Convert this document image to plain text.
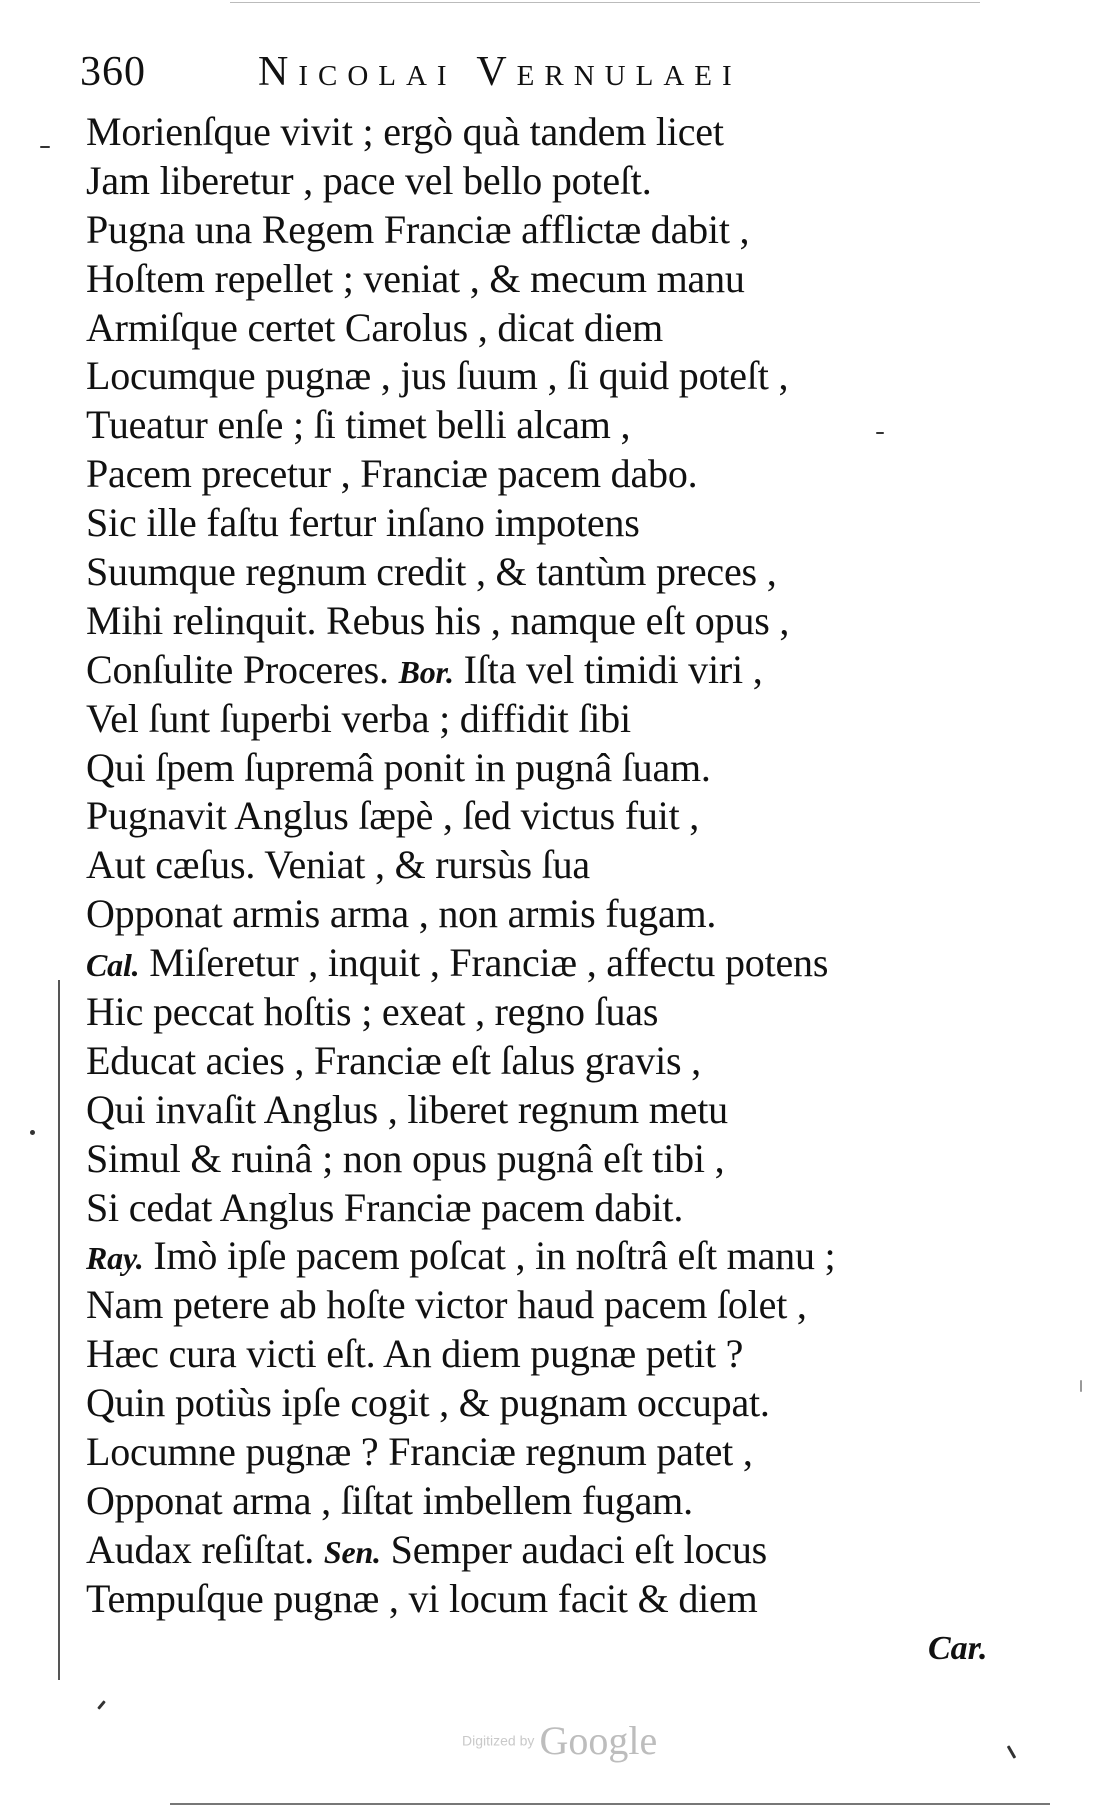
360	Nicolai Vernulaei
Morienſque vivit ; ergò quà tandem licet
Jam liberetur , pace vel bello poteſt.
Pugna una Regem Franciæ afflictæ dabit ,
Hoſtem repellet ; veniat , & mecum manu
Armiſque certet Carolus , dicat diem
Locumque pugnæ , jus ſuum , ſi quid poteſt ,
Tueatur enſe ; ſi timet belli alcam ,
Pacem precetur , Franciæ pacem dabo.
Sic ille faſtu fertur inſano impotens
Suumque regnum credit , & tantùm preces ,
Mihi relinquit. Rebus his , namque eſt opus ,
Conſulite Proceres. Bor. Iſta vel timidi viri ,
Vel ſunt ſuperbi verba ; diffidit ſibi
Qui ſpem ſupremâ ponit in pugnâ ſuam.
Pugnavit Anglus ſæpè , ſed victus fuit ,
Aut cæſus. Veniat , & rursùs ſua
Opponat armis arma , non armis fugam.
Cal. Miſeretur , inquit , Franciæ , affectu potens
Hic peccat hoſtis ; exeat , regno ſuas
Educat acies , Franciæ eſt ſalus gravis ,
Qui invaſit Anglus , liberet regnum metu
Simul & ruinâ ; non opus pugnâ eſt tibi ,
Si cedat Anglus Franciæ pacem dabit.
Ray. Imò ipſe pacem poſcat , in noſtrâ eſt manu ;
Nam petere ab hoſte victor haud pacem ſolet ,
Hæc cura victi eſt. An diem pugnæ petit ?
Quin potiùs ipſe cogit , & pugnam occupat.
Locumne pugnæ ? Franciæ regnum patet ,
Opponat arma , ſiſtat imbellem fugam.
Audax reſiſtat. Sen. Semper audaci eſt locus
Tempuſque pugnæ , vi locum facit & diem
Car.
Digitized by Google
